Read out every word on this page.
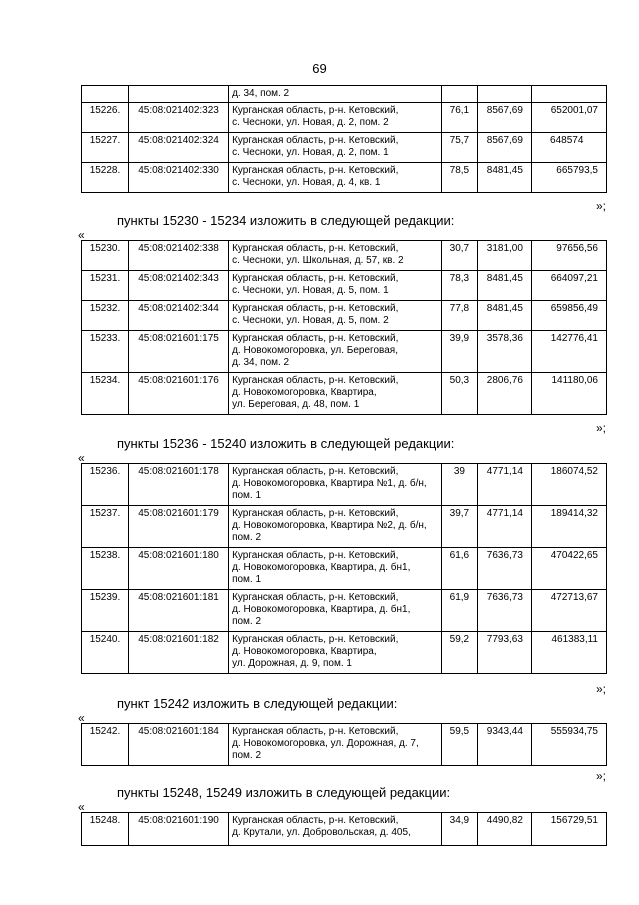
69
		д. 34, пом. 2			
15226.	45:08:021402:323	Курганская область, р-н. Кетовский,
с. Чесноки, ул. Новая, д. 2, пом. 2	76,1	8567,69	652001,07
15227.	45:08:021402:324	Курганская область, р-н. Кетовский,
с. Чесноки, ул. Новая, д. 2, пом. 1	75,7	8567,69	648574
15228.	45:08:021402:330	Курганская область, р-н. Кетовский,
с. Чесноки, ул. Новая, д. 4, кв. 1	78,5	8481,45	665793,5
»;
пункты 15230 - 15234 изложить в следующей редакции:
«
15230.	45:08:021402:338	Курганская область, р-н. Кетовский,
с. Чесноки, ул. Школьная, д. 57, кв. 2	30,7	3181,00	97656,56
15231.	45:08:021402:343	Курганская область, р-н. Кетовский,
с. Чесноки, ул. Новая, д. 5, пом. 1	78,3	8481,45	664097,21
15232.	45:08:021402:344	Курганская область, р-н. Кетовский,
с. Чесноки, ул. Новая, д. 5, пом. 2	77,8	8481,45	659856,49
15233.	45:08:021601:175	Курганская область, р-н. Кетовский,
д. Новокомогоровка, ул. Береговая,
д. 34, пом. 2	39,9	3578,36	142776,41
15234.	45:08:021601:176	Курганская область, р-н. Кетовский,
д. Новокомогоровка, Квартира,
ул. Береговая, д. 48, пом. 1	50,3	2806,76	141180,06
»;
пункты 15236 - 15240 изложить в следующей редакции:
«
15236.	45:08:021601:178	Курганская область, р-н. Кетовский,
д. Новокомогоровка, Квартира №1, д. б/н,
пом. 1	39	4771,14	186074,52
15237.	45:08:021601:179	Курганская область, р-н. Кетовский,
д. Новокомогоровка, Квартира №2, д. б/н,
пом. 2	39,7	4771,14	189414,32
15238.	45:08:021601:180	Курганская область, р-н. Кетовский,
д. Новокомогоровка, Квартира, д. бн1,
пом. 1	61,6	7636,73	470422,65
15239.	45:08:021601:181	Курганская область, р-н. Кетовский,
д. Новокомогоровка, Квартира, д. бн1,
пом. 2	61,9	7636,73	472713,67
15240.	45:08:021601:182	Курганская область, р-н. Кетовский,
д. Новокомогоровка, Квартира,
ул. Дорожная, д. 9, пом. 1	59,2	7793,63	461383,11
»;
пункт 15242 изложить в следующей редакции:
«
15242.	45:08:021601:184	Курганская область, р-н. Кетовский,
д. Новокомогоровка, ул. Дорожная, д. 7,
пом. 2	59,5	9343,44	555934,75
»;
пункты 15248, 15249 изложить в следующей редакции:
«
15248.	45:08:021601:190	Курганская область, р-н. Кетовский,
д. Крутали, ул. Добровольская, д. 405,	34,9	4490,82	156729,51
